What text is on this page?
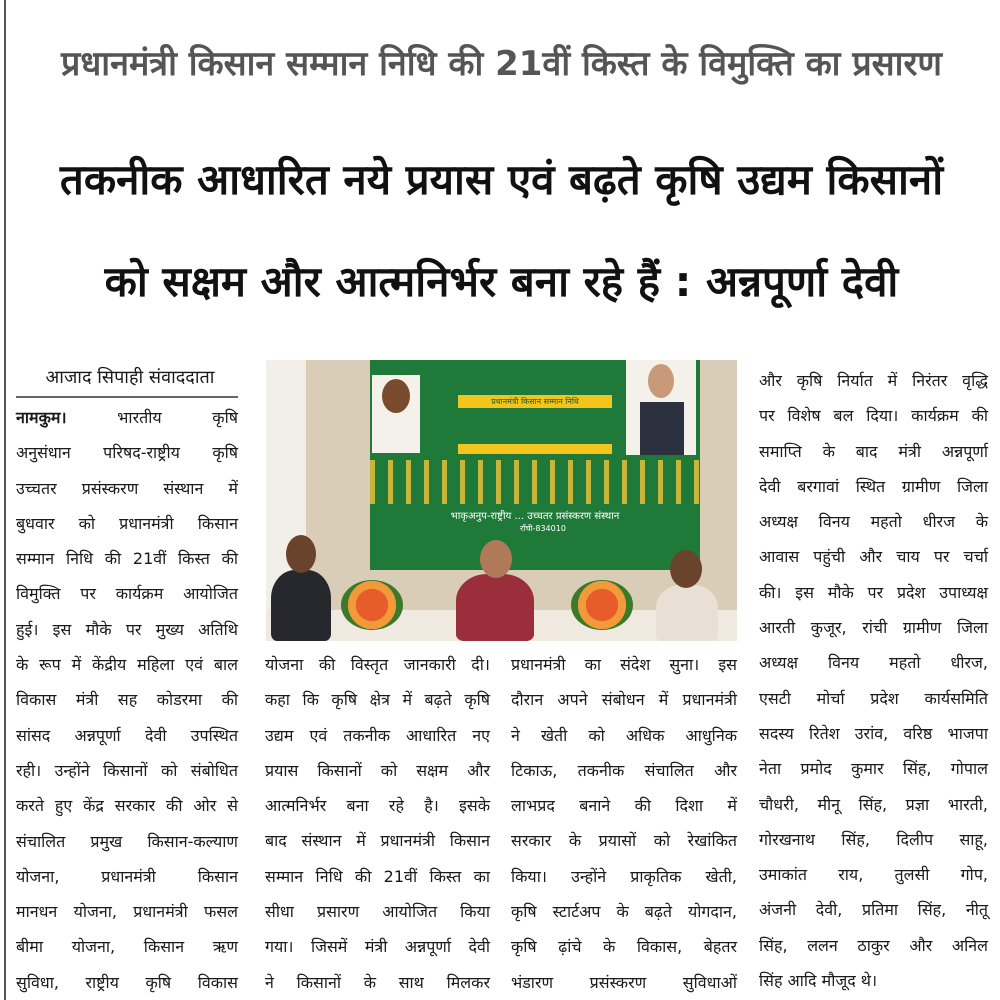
प्रधानमंत्री किसान सम्मान निधि की 21वीं किस्त के विमुक्ति का प्रसारण
तकनीक आधारित नये प्रयास एवं बढ़ते कृषि उद्यम किसानों
को सक्षम और आत्मनिर्भर बना रहे हैं : अन्नपूर्णा देवी
आजाद सिपाही संवाददाता
नामकुम। भारतीय कृषि
अनुसंधान परिषद-राष्ट्रीय कृषि
उच्चतर प्रसंस्करण संस्थान में
बुधवार को प्रधानमंत्री किसान
सम्मान निधि की 21वीं किस्त की
विमुक्ति पर कार्यक्रम आयोजित
हुई। इस मौके पर मुख्य अतिथि
के रूप में केंद्रीय महिला एवं बाल
विकास मंत्री सह कोडरमा की
सांसद अन्नपूर्णा देवी उपस्थित
रही। उन्होंने किसानों को संबोधित
करते हुए केंद्र सरकार की ओर से
संचालित प्रमुख किसान-कल्याण
योजना, प्रधानमंत्री किसान
मानधन योजना, प्रधानमंत्री फसल
बीमा योजना, किसान ऋण
सुविधा, राष्ट्रीय कृषि विकास
योजना की विस्तृत जानकारी दी।
कहा कि कृषि क्षेत्र में बढ़ते कृषि
उद्यम एवं तकनीक आधारित नए
प्रयास किसानों को सक्षम और
आत्मनिर्भर बना रहे है। इसके
बाद संस्थान में प्रधानमंत्री किसान
सम्मान निधि की 21वीं किस्त का
सीधा प्रसारण आयोजित किया
गया। जिसमें मंत्री अन्नपूर्णा देवी
ने किसानों के साथ मिलकर
प्रधानमंत्री का संदेश सुना। इस
दौरान अपने संबोधन में प्रधानमंत्री
ने खेती को अधिक आधुनिक
टिकाऊ, तकनीक संचालित और
लाभप्रद बनाने की दिशा में
सरकार के प्रयासों को रेखांकित
किया। उन्होंने प्राकृतिक खेती,
कृषि स्टार्टअप के बढ़ते योगदान,
कृषि ढ़ांचे के विकास, बेहतर
भंडारण प्रसंस्करण सुविधाओं
और कृषि निर्यात में निरंतर वृद्धि
पर विशेष बल दिया। कार्यक्रम की
समाप्ति के बाद मंत्री अन्नपूर्णा
देवी बरगावां स्थित ग्रामीण जिला
अध्यक्ष विनय महतो धीरज के
आवास पहुंची और चाय पर चर्चा
की। इस मौके पर प्रदेश उपाध्यक्ष
आरती कुजूर, रांची ग्रामीण जिला
अध्यक्ष विनय महतो धीरज,
एसटी मोर्चा प्रदेश कार्यसमिति
सदस्य रितेश उरांव, वरिष्ठ भाजपा
नेता प्रमोद कुमार सिंह, गोपाल
चौधरी, मीनू सिंह, प्रज्ञा भारती,
गोरखनाथ सिंह, दिलीप साहू,
उमाकांत राय, तुलसी गोप,
अंजनी देवी, प्रतिमा सिंह, नीतू
सिंह, ललन ठाकुर और अनिल
सिंह आदि मौजूद थे।
प्रधानमंत्री किसान सम्मान निधि
भाकृअनुप-राष्ट्रीय ... उच्चतर प्रसंस्करण संस्थान
राँची-834010
